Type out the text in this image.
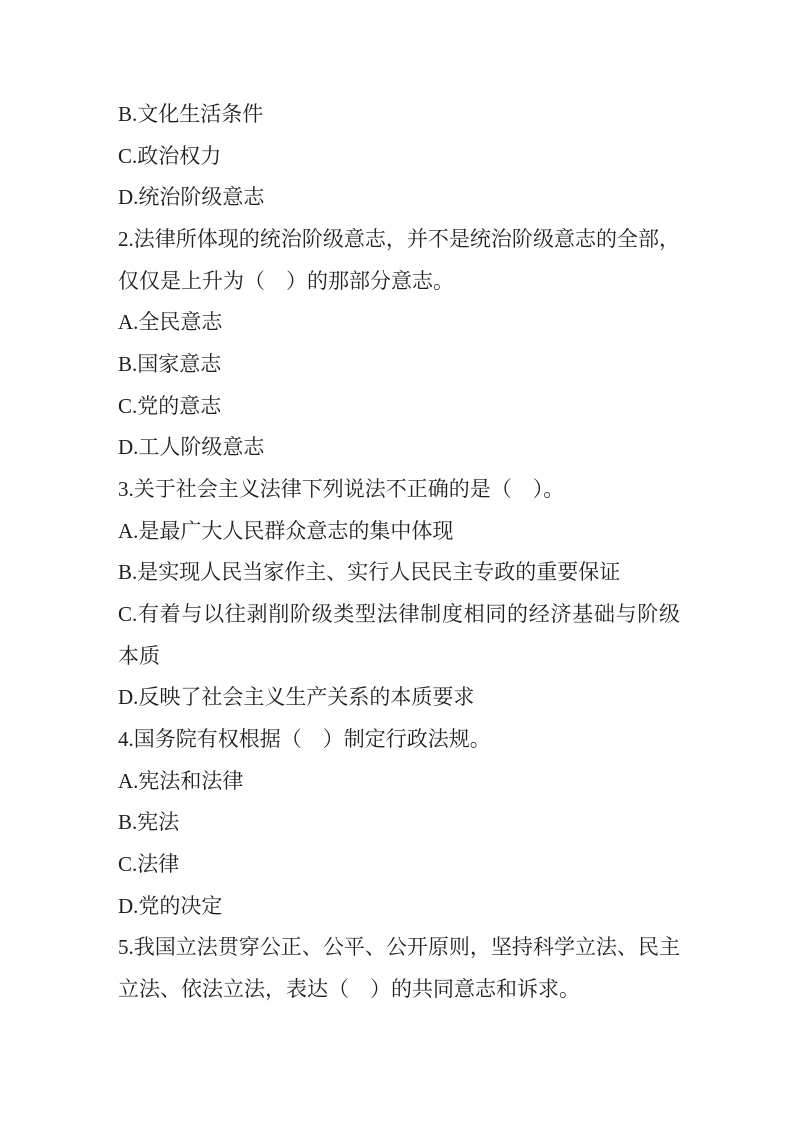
B.文化生活条件

C.政治权力

D.统治阶级意志

2.法律所体现的统治阶级意志，并不是统治阶级意志的全部，仅仅是上升为（　）的那部分意志。

A.全民意志

B.国家意志

C.党的意志

D.工人阶级意志

3.关于社会主义法律下列说法不正确的是（　）。

A.是最广大人民群众意志的集中体现

B.是实现人民当家作主、实行人民民主专政的重要保证

C.有着与以往剥削阶级类型法律制度相同的经济基础与阶级本质

D.反映了社会主义生产关系的本质要求

4.国务院有权根据（　）制定行政法规。

A.宪法和法律

B.宪法

C.法律

D.党的决定

5.我国立法贯穿公正、公平、公开原则，坚持科学立法、民主立法、依法立法，表达（　）的共同意志和诉求。
